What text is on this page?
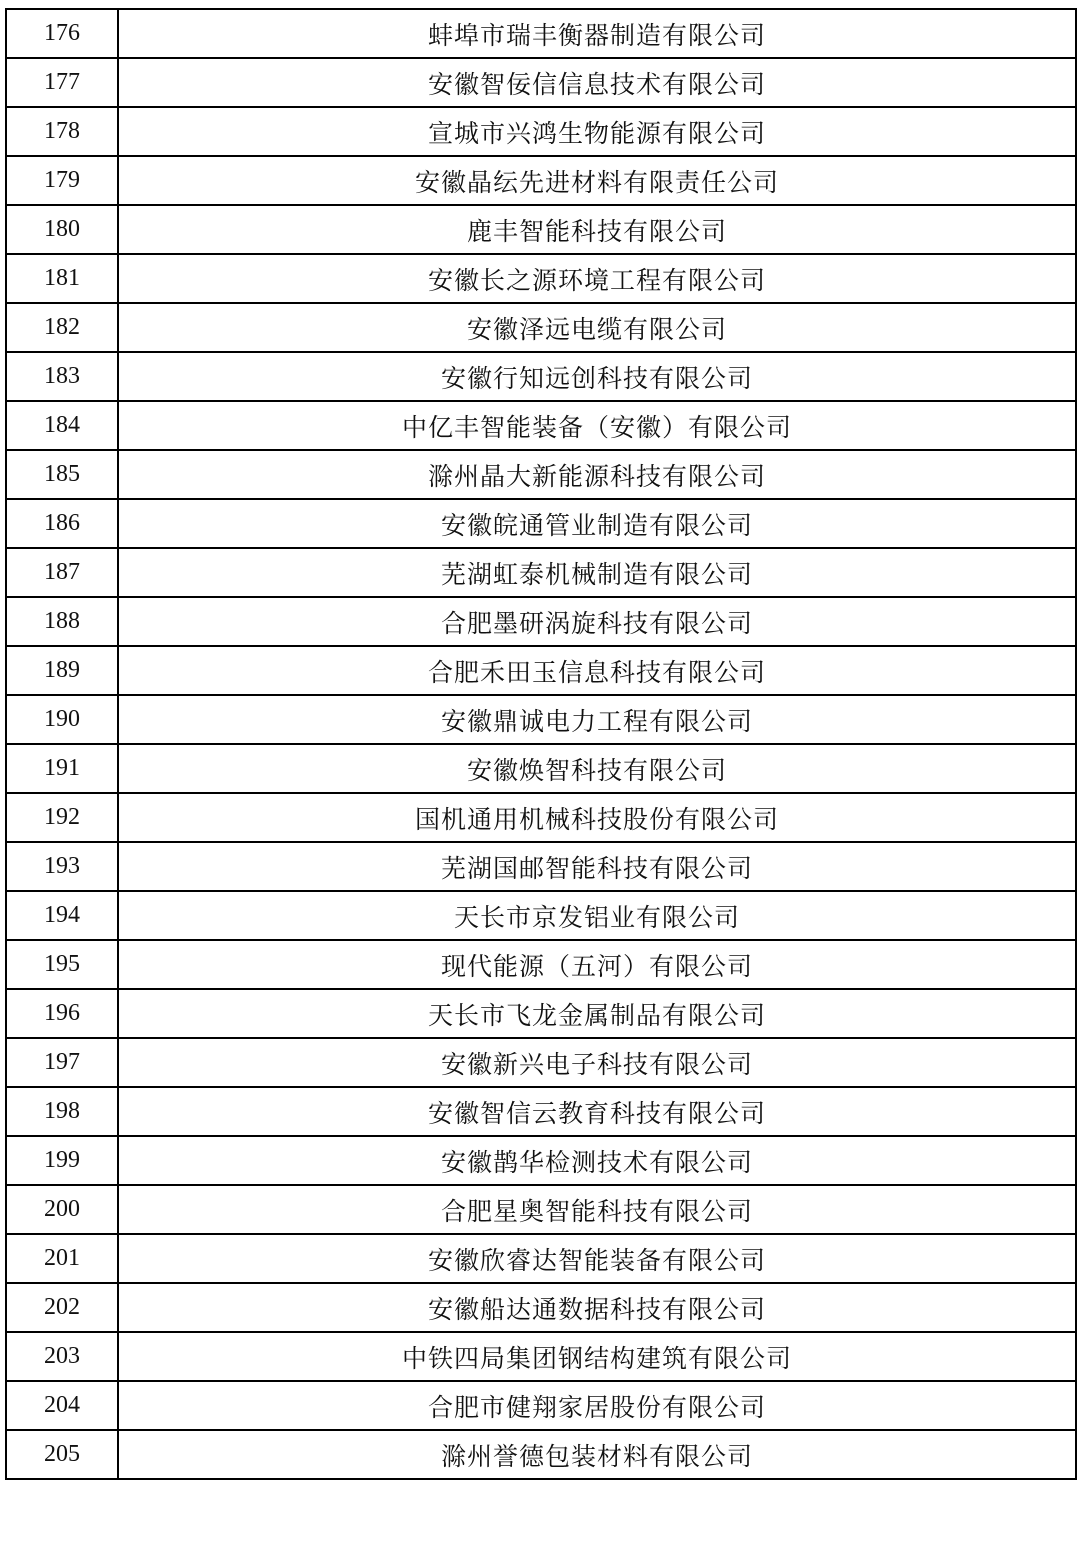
176	蚌埠市瑞丰衡器制造有限公司
177	安徽智佞信信息技术有限公司
178	宣城市兴鸿生物能源有限公司
179	安徽晶纭先进材料有限责任公司
180	鹿丰智能科技有限公司
181	安徽长之源环境工程有限公司
182	安徽泽远电缆有限公司
183	安徽行知远创科技有限公司
184	中亿丰智能装备（安徽）有限公司
185	滁州晶大新能源科技有限公司
186	安徽皖通管业制造有限公司
187	芜湖虹泰机械制造有限公司
188	合肥墨研涡旋科技有限公司
189	合肥禾田玉信息科技有限公司
190	安徽鼎诚电力工程有限公司
191	安徽焕智科技有限公司
192	国机通用机械科技股份有限公司
193	芜湖国邮智能科技有限公司
194	天长市京发铝业有限公司
195	现代能源（五河）有限公司
196	天长市飞龙金属制品有限公司
197	安徽新兴电子科技有限公司
198	安徽智信云教育科技有限公司
199	安徽鹊华检测技术有限公司
200	合肥星奥智能科技有限公司
201	安徽欣睿达智能装备有限公司
202	安徽船达通数据科技有限公司
203	中铁四局集团钢结构建筑有限公司
204	合肥市健翔家居股份有限公司
205	滁州誉德包装材料有限公司
